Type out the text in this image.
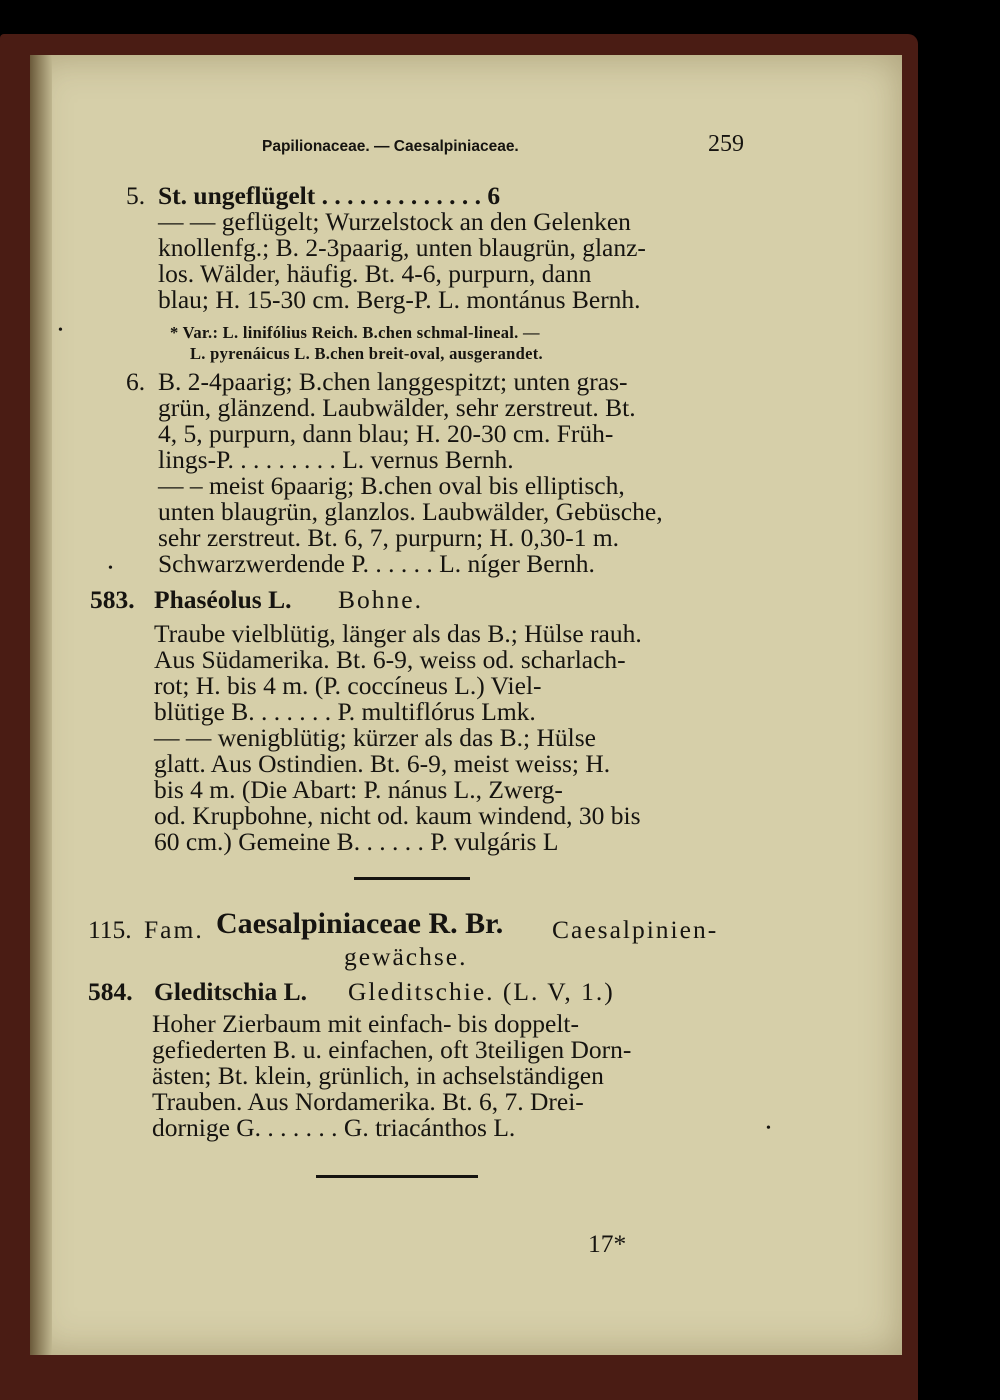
Papilionaceae. — Caesalpiniaceae.	259
5. St. ungeflügelt . . . . . . . . . . . . . 6
— — geflügelt; Wurzelstock an den Gelenken
knollenfg.; B. 2-3paarig, unten blaugrün, glanz-
los. Wälder, häufig. Bt. 4-6, purpurn, dann
blau; H. 15-30 cm. Berg-P. L. montánus Bernh.
* Var.: L. linifólius Reich. B.chen schmal-lineal. —
L. pyrenáicus L. B.chen breit-oval, ausgerandet.
6. B. 2-4paarig; B.chen langgespitzt; unten gras-
grün, glänzend. Laubwälder, sehr zerstreut. Bt.
4, 5, purpurn, dann blau; H. 20-30 cm. Früh-
lings-P. . . . . . . . . L. vernus Bernh.
— – meist 6paarig; B.chen oval bis elliptisch,
unten blaugrün, glanzlos. Laubwälder, Gebüsche,
sehr zerstreut. Bt. 6, 7, purpurn; H. 0,30-1 m.
Schwarzwerdende P. . . . . . L. níger Bernh.
583. Phaséolus L. Bohne.
Traube vielblütig, länger als das B.; Hülse rauh.
Aus Südamerika. Bt. 6-9, weiss od. scharlach-
rot; H. bis 4 m. (P. coccíneus L.) Viel-
blütige B. . . . . . . P. multiflórus Lmk.
— — wenigblütig; kürzer als das B.; Hülse
glatt. Aus Ostindien. Bt. 6-9, meist weiss; H.
bis 4 m. (Die Abart: P. nánus L., Zwerg-
od. Krupbohne, nicht od. kaum windend, 30 bis
60 cm.) Gemeine B. . . . . . P. vulgáris L
115. Fam. Caesalpiniaceae R. Br. Caesalpinien-
gewächse.
584. Gleditschia L. Gleditschie. (L. V, 1.)
Hoher Zierbaum mit einfach- bis doppelt-
gefiederten B. u. einfachen, oft 3teiligen Dorn-
ästen; Bt. klein, grünlich, in achselständigen
Trauben. Aus Nordamerika. Bt. 6, 7. Drei-
dornige G. . . . . . . G. triacánthos L.
17*
•
•
•
